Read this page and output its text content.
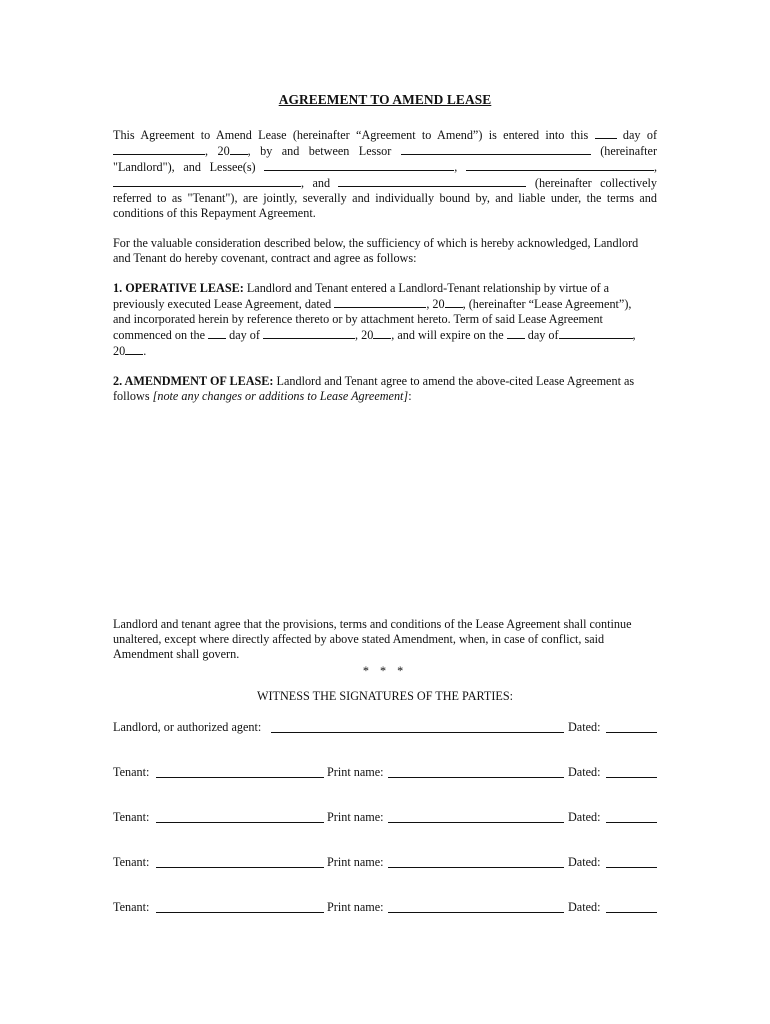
AGREEMENT TO AMEND LEASE

This Agreement to Amend Lease (hereinafter “Agreement to Amend”) is entered into this	day of , 20 , by and between Lessor	(hereinafter "Landlord"), and Lessee(s)	,	, , and	(hereinafter collectively referred to as "Tenant"), are jointly, severally and individually bound by, and liable under, the terms and conditions of this Repayment Agreement.

For the valuable consideration described below, the sufficiency of which is hereby acknowledged, Landlord and Tenant do hereby covenant, contract and agree as follows:

1. OPERATIVE LEASE: Landlord and Tenant entered a Landlord-Tenant relationship by virtue of a
previously executed Lease Agreement, dated	, 20 , (hereinafter “Lease Agreement”),
and incorporated herein by reference thereto or by attachment hereto. Term of said Lease Agreement
commenced on the day of	, 20 , and will expire on the day of	,
20 .

2. AMENDMENT OF LEASE: Landlord and Tenant agree to amend the above-cited Lease Agreement as follows [note any changes or additions to Lease Agreement]:

Landlord and tenant agree that the provisions, terms and conditions of the Lease Agreement shall continue unaltered, except where directly affected by above stated Amendment, when, in case of conflict, said Amendment shall govern.

* * *
WITNESS THE SIGNATURES OF THE PARTIES:
Landlord, or authorized agent:	Dated:
Tenant:	Print name:	Dated:
Tenant:	Print name:	Dated:
Tenant:	Print name:	Dated:
Tenant:	Print name:	Dated:
